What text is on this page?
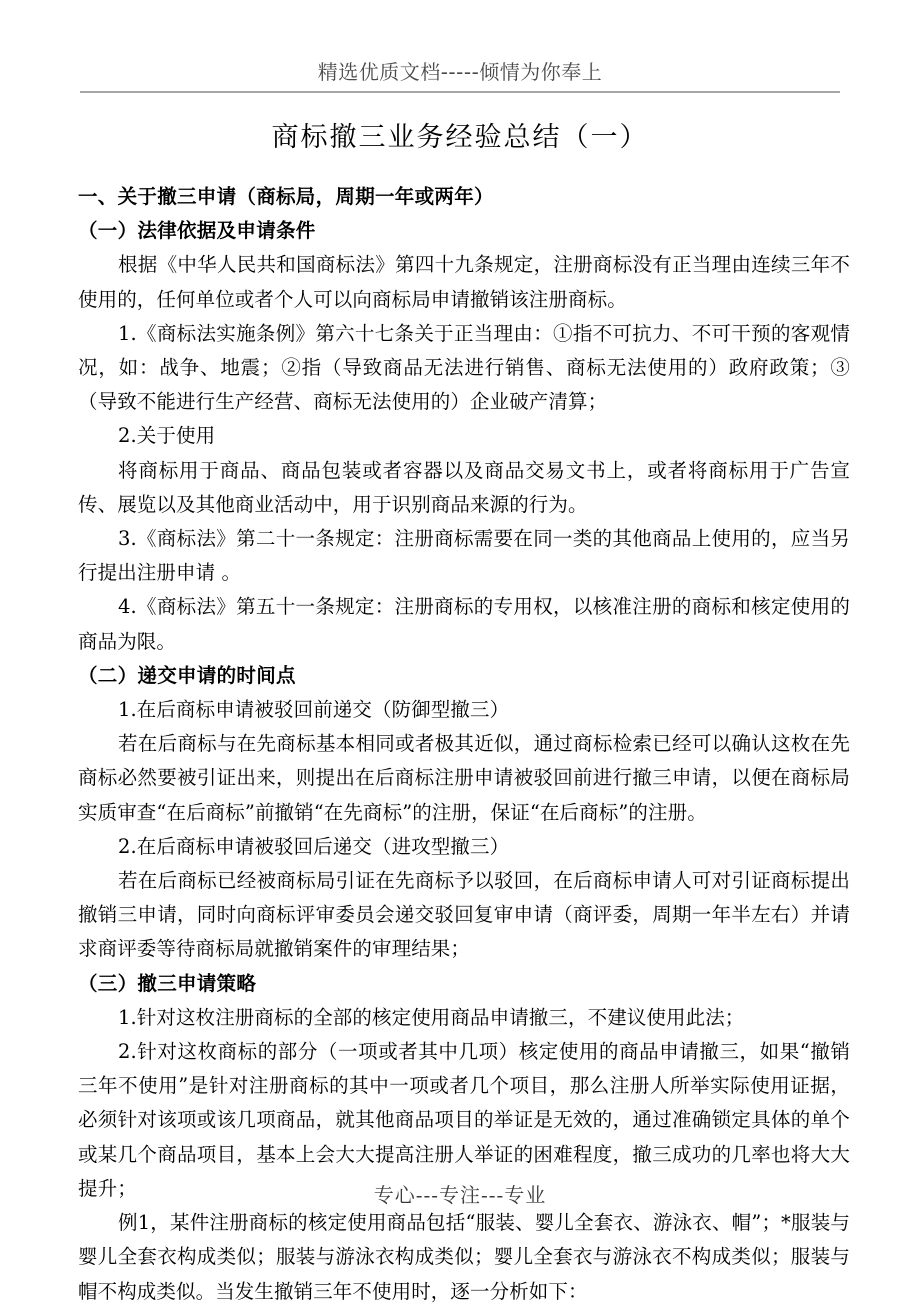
精选优质文档-----倾情为你奉上
商标撤三业务经验总结（一）

一、关于撤三申请（商标局，周期一年或两年）

（一）法律依据及申请条件

根据《中华人民共和国商标法》第四十九条规定，注册商标没有正当理由连续三年不使用的，任何单位或者个人可以向商标局申请撤销该注册商标。

1.《商标法实施条例》第六十七条关于正当理由：①指不可抗力、不可干预的客观情况，如：战争、地震；②指（导致商品无法进行销售、商标无法使用的）政府政策；③（导致不能进行生产经营、商标无法使用的）企业破产清算；

2.关于使用

将商标用于商品、商品包装或者容器以及商品交易文书上，或者将商标用于广告宣传、展览以及其他商业活动中，用于识别商品来源的行为。

3.《商标法》第二十一条规定：注册商标需要在同一类的其他商品上使用的，应当另行提出注册申请 。

4.《商标法》第五十一条规定：注册商标的专用权，以核准注册的商标和核定使用的商品为限。

（二）递交申请的时间点

1.在后商标申请被驳回前递交（防御型撤三）

若在后商标与在先商标基本相同或者极其近似，通过商标检索已经可以确认这枚在先商标必然要被引证出来，则提出在后商标注册申请被驳回前进行撤三申请，以便在商标局实质审查“在后商标”前撤销“在先商标”的注册，保证“在后商标”的注册。

2.在后商标申请被驳回后递交（进攻型撤三）

若在后商标已经被商标局引证在先商标予以驳回，在后商标申请人可对引证商标提出撤销三申请，同时向商标评审委员会递交驳回复审申请（商评委，周期一年半左右）并请求商评委等待商标局就撤销案件的审理结果；

（三）撤三申请策略

1.针对这枚注册商标的全部的核定使用商品申请撤三，不建议使用此法；

2.针对这枚商标的部分（一项或者其中几项）核定使用的商品申请撤三，如果“撤销三年不使用”是针对注册商标的其中一项或者几个项目，那么注册人所举实际使用证据，必须针对该项或该几项商品，就其他商品项目的举证是无效的，通过准确锁定具体的单个或某几个商品项目，基本上会大大提高注册人举证的困难程度，撤三成功的几率也将大大提升；

例1，某件注册商标的核定使用商品包括“服装、婴儿全套衣、游泳衣、帽”；*服装与婴儿全套衣构成类似；服装与游泳衣构成类似；婴儿全套衣与游泳衣不构成类似；服装与帽不构成类似。当发生撤销三年不使用时，逐一分析如下：

专心---专注---专业
